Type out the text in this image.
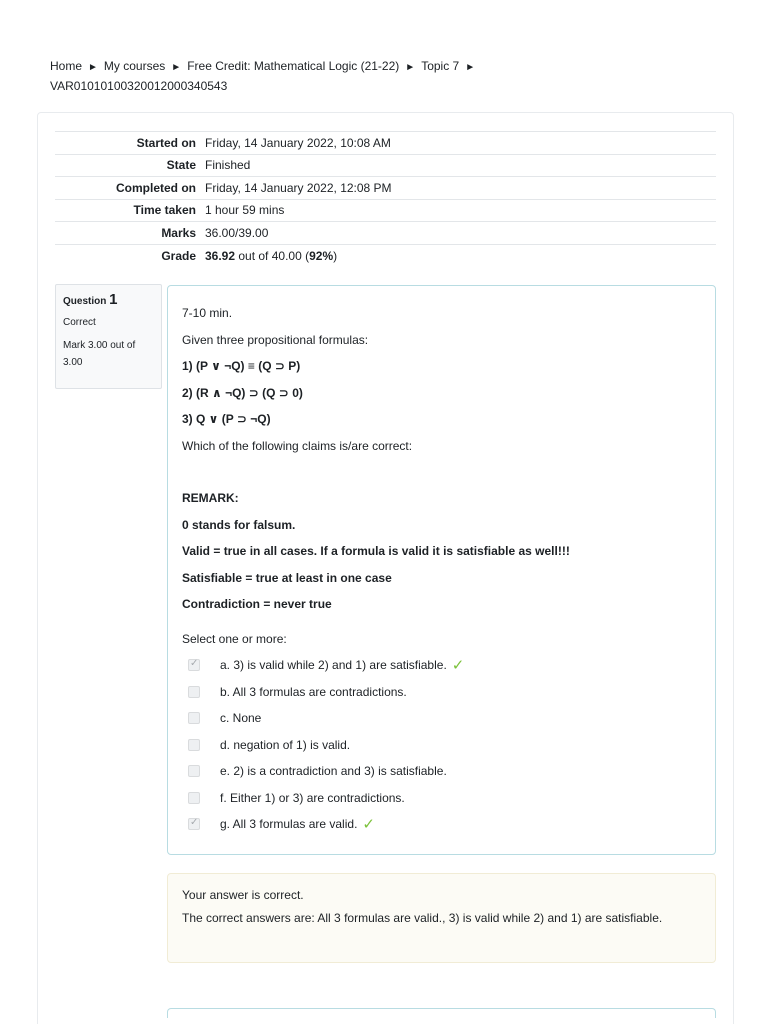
Home ► My courses ► Free Credit: Mathematical Logic (21-22) ► Topic 7 ►
VAR01010100320012000340543
Started on	Friday, 14 January 2022, 10:08 AM
State	Finished
Completed on	Friday, 14 January 2022, 12:08 PM
Time taken	1 hour 59 mins
Marks	36.00/39.00
Grade	36.92 out of 40.00 (92%)
Question 1
Correct
Mark 3.00 out of 3.00

7-10 min.

Given three propositional formulas:

1) (P ∨ ¬Q) ≡ (Q ⊃ P)

2) (R ∧ ¬Q) ⊃ (Q ⊃ 0)

3) Q ∨ (P ⊃ ¬Q)

Which of the following claims is/are correct:

REMARK:

0 stands for falsum.

Valid = true in all cases. If a formula is valid it is satisfiable as well!!!

Satisfiable = true at least in one case

Contradiction = never true

Select one or more:

✓
a. 3) is valid while 2) and 1) are satisfiable. ✓
b. All 3 formulas are contradictions.
c. None
d. negation of 1) is valid.
e. 2) is a contradiction and 3) is satisfiable.
f. Either 1) or 3) are contradictions.
✓
g. All 3 formulas are valid. ✓

Your answer is correct.

The correct answers are: All 3 formulas are valid., 3) is valid while 2) and 1) are satisfiable.
